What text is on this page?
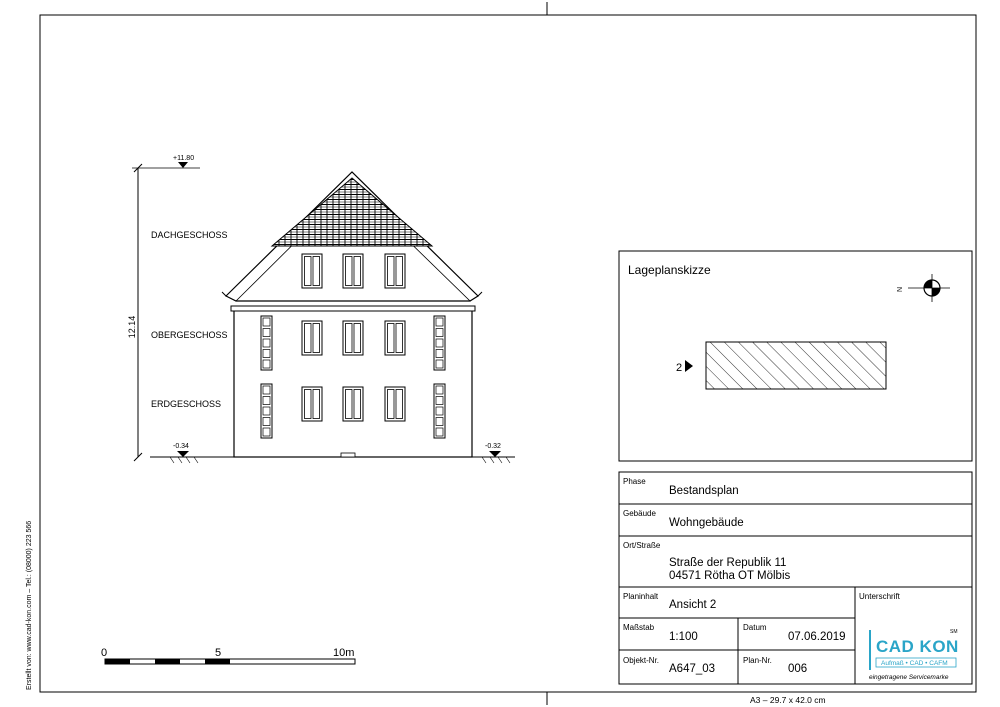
Erstellt von: www.cad-kon.com – Tel.: (08000) 223 566
12.14
+11.80
-0.34	-0.32
DACHGESCHOSS
OBERGESCHOSS
ERDGESCHOSS
Lageplanskizze
2
N
0	5	10m
Phase
Bestandsplan
Gebäude
Wohngebäude
Ort/Straße
Straße der Republik 11
04571 Rötha OT Mölbis
Planinhalt
Ansicht 2
Unterschrift
Maßstab
1:100
Datum
07.06.2019
Objekt-Nr.
A647_03
Plan-Nr.
006
CAD KON
SM
Aufmaß • CAD • CAFM
eingetragene Servicemarke
A3 – 29.7 x 42.0 cm
